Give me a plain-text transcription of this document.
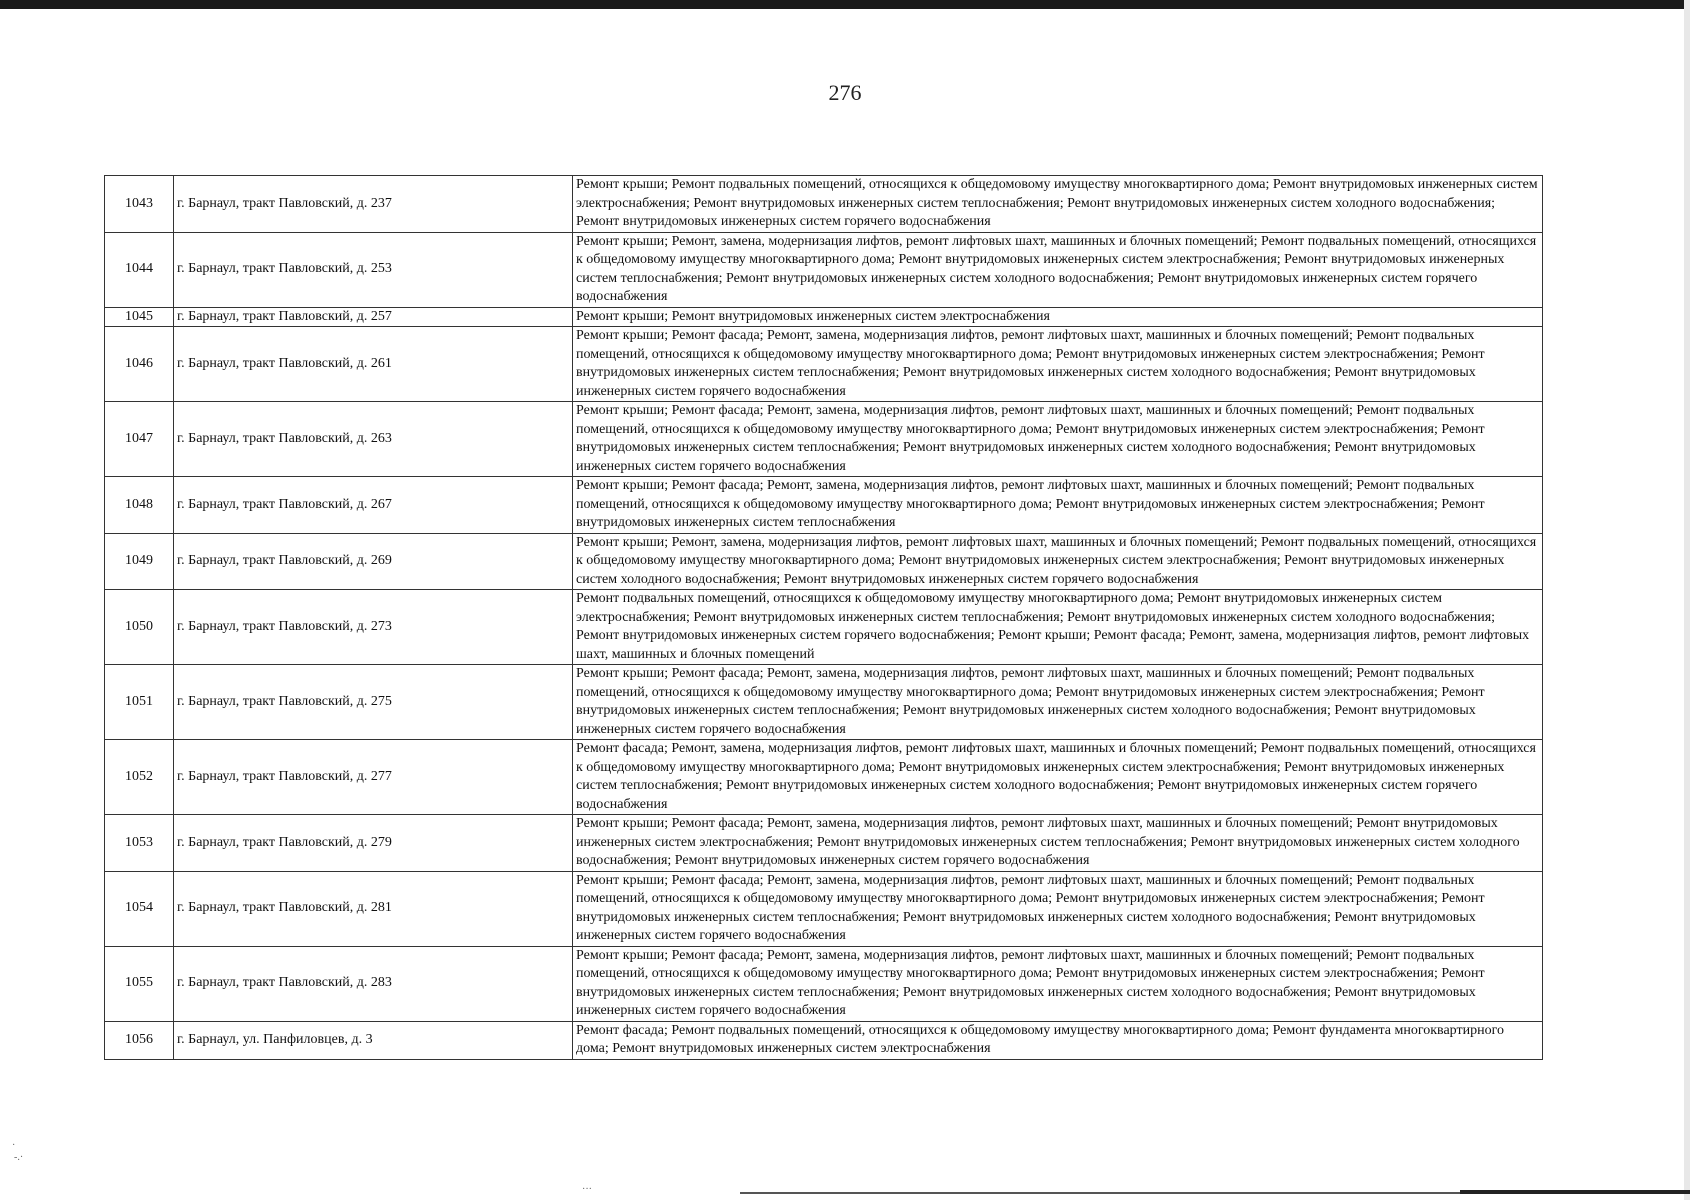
276
1043	г. Барнаул, тракт Павловский, д. 237	Ремонт крыши; Ремонт подвальных помещений, относящихся к общедомовому имуществу многоквартирного дома; Ремонт внутридомовых инженерных систем электроснабжения; Ремонт внутридомовых инженерных систем теплоснабжения; Ремонт внутридомовых инженерных систем холодного водоснабжения; Ремонт внутридомовых инженерных систем горячего водоснабжения
1044	г. Барнаул, тракт Павловский, д. 253	Ремонт крыши; Ремонт, замена, модернизация лифтов, ремонт лифтовых шахт, машинных и блочных помещений; Ремонт подвальных помещений, относящихся к общедомовому имуществу многоквартирного дома; Ремонт внутридомовых инженерных систем электроснабжения; Ремонт внутридомовых инженерных систем теплоснабжения; Ремонт внутридомовых инженерных систем холодного водоснабжения; Ремонт внутридомовых инженерных систем горячего водоснабжения
1045	г. Барнаул, тракт Павловский, д. 257	Ремонт крыши; Ремонт внутридомовых инженерных систем электроснабжения
1046	г. Барнаул, тракт Павловский, д. 261	Ремонт крыши; Ремонт фасада; Ремонт, замена, модернизация лифтов, ремонт лифтовых шахт, машинных и блочных помещений; Ремонт подвальных помещений, относящихся к общедомовому имуществу многоквартирного дома; Ремонт внутридомовых инженерных систем электроснабжения; Ремонт внутридомовых инженерных систем теплоснабжения; Ремонт внутридомовых инженерных систем холодного водоснабжения; Ремонт внутридомовых инженерных систем горячего водоснабжения
1047	г. Барнаул, тракт Павловский, д. 263	Ремонт крыши; Ремонт фасада; Ремонт, замена, модернизация лифтов, ремонт лифтовых шахт, машинных и блочных помещений; Ремонт подвальных помещений, относящихся к общедомовому имуществу многоквартирного дома; Ремонт внутридомовых инженерных систем электроснабжения; Ремонт внутридомовых инженерных систем теплоснабжения; Ремонт внутридомовых инженерных систем холодного водоснабжения; Ремонт внутридомовых инженерных систем горячего водоснабжения
1048	г. Барнаул, тракт Павловский, д. 267	Ремонт крыши; Ремонт фасада; Ремонт, замена, модернизация лифтов, ремонт лифтовых шахт, машинных и блочных помещений; Ремонт подвальных помещений, относящихся к общедомовому имуществу многоквартирного дома; Ремонт внутридомовых инженерных систем электроснабжения; Ремонт внутридомовых инженерных систем теплоснабжения
1049	г. Барнаул, тракт Павловский, д. 269	Ремонт крыши; Ремонт, замена, модернизация лифтов, ремонт лифтовых шахт, машинных и блочных помещений; Ремонт подвальных помещений, относящихся к общедомовому имуществу многоквартирного дома; Ремонт внутридомовых инженерных систем электроснабжения; Ремонт внутридомовых инженерных систем холодного водоснабжения; Ремонт внутридомовых инженерных систем горячего водоснабжения
1050	г. Барнаул, тракт Павловский, д. 273	Ремонт подвальных помещений, относящихся к общедомовому имуществу многоквартирного дома; Ремонт внутридомовых инженерных систем электроснабжения; Ремонт внутридомовых инженерных систем теплоснабжения; Ремонт внутридомовых инженерных систем холодного водоснабжения; Ремонт внутридомовых инженерных систем горячего водоснабжения; Ремонт крыши; Ремонт фасада; Ремонт, замена, модернизация лифтов, ремонт лифтовых шахт, машинных и блочных помещений
1051	г. Барнаул, тракт Павловский, д. 275	Ремонт крыши; Ремонт фасада; Ремонт, замена, модернизация лифтов, ремонт лифтовых шахт, машинных и блочных помещений; Ремонт подвальных помещений, относящихся к общедомовому имуществу многоквартирного дома; Ремонт внутридомовых инженерных систем электроснабжения; Ремонт внутридомовых инженерных систем теплоснабжения; Ремонт внутридомовых инженерных систем холодного водоснабжения; Ремонт внутридомовых инженерных систем горячего водоснабжения
1052	г. Барнаул, тракт Павловский, д. 277	Ремонт фасада; Ремонт, замена, модернизация лифтов, ремонт лифтовых шахт, машинных и блочных помещений; Ремонт подвальных помещений, относящихся к общедомовому имуществу многоквартирного дома; Ремонт внутридомовых инженерных систем электроснабжения; Ремонт внутридомовых инженерных систем теплоснабжения; Ремонт внутридомовых инженерных систем холодного водоснабжения; Ремонт внутридомовых инженерных систем горячего водоснабжения
1053	г. Барнаул, тракт Павловский, д. 279	Ремонт крыши; Ремонт фасада; Ремонт, замена, модернизация лифтов, ремонт лифтовых шахт, машинных и блочных помещений; Ремонт внутридомовых инженерных систем электроснабжения; Ремонт внутридомовых инженерных систем теплоснабжения; Ремонт внутридомовых инженерных систем холодного водоснабжения; Ремонт внутридомовых инженерных систем горячего водоснабжения
1054	г. Барнаул, тракт Павловский, д. 281	Ремонт крыши; Ремонт фасада; Ремонт, замена, модернизация лифтов, ремонт лифтовых шахт, машинных и блочных помещений; Ремонт подвальных помещений, относящихся к общедомовому имуществу многоквартирного дома; Ремонт внутридомовых инженерных систем электроснабжения; Ремонт внутридомовых инженерных систем теплоснабжения; Ремонт внутридомовых инженерных систем холодного водоснабжения; Ремонт внутридомовых инженерных систем горячего водоснабжения
1055	г. Барнаул, тракт Павловский, д. 283	Ремонт крыши; Ремонт фасада; Ремонт, замена, модернизация лифтов, ремонт лифтовых шахт, машинных и блочных помещений; Ремонт подвальных помещений, относящихся к общедомовому имуществу многоквартирного дома; Ремонт внутридомовых инженерных систем электроснабжения; Ремонт внутридомовых инженерных систем теплоснабжения; Ремонт внутридомовых инженерных систем холодного водоснабжения; Ремонт внутридомовых инженерных систем горячего водоснабжения
1056	г. Барнаул, ул. Панфиловцев, д. 3	Ремонт фасада; Ремонт подвальных помещений, относящихся к общедомовому имуществу многоквартирного дома; Ремонт фундамента многоквартирного дома; Ремонт внутридомовых инженерных систем электроснабжения
·
-.·
···
